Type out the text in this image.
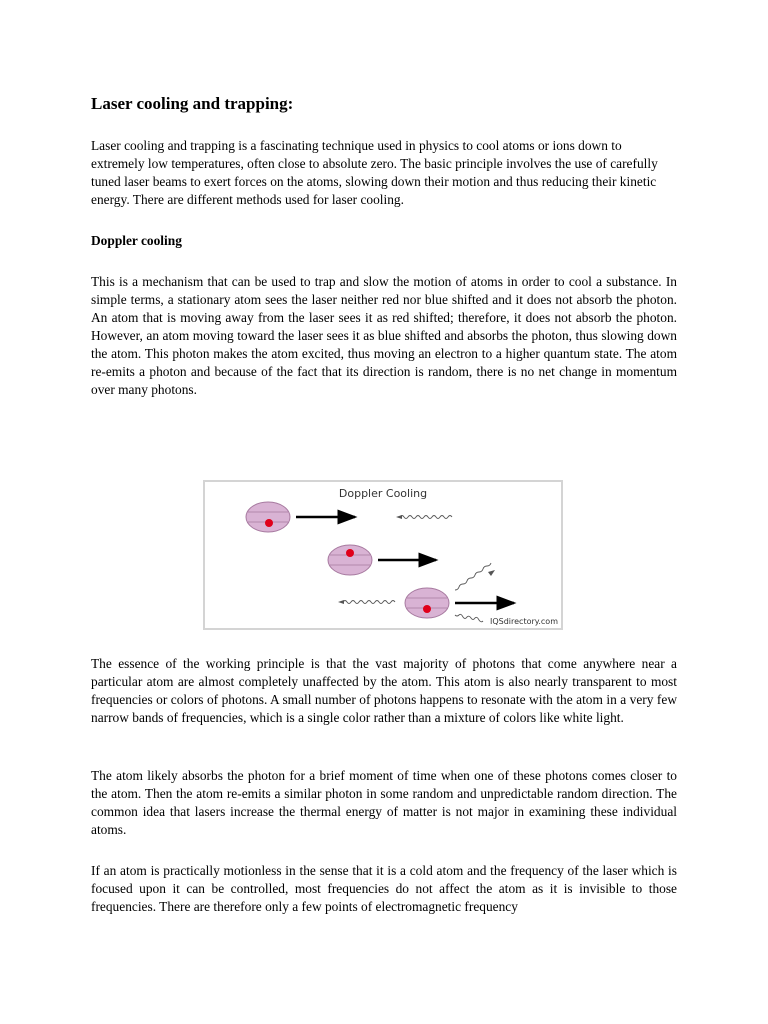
Laser cooling and trapping:

Laser cooling and trapping is a fascinating technique used in physics to cool atoms or ions down to extremely low temperatures, often close to absolute zero. The basic principle involves the use of carefully tuned laser beams to exert forces on the atoms, slowing down their motion and thus reducing their kinetic energy. There are different methods used for laser cooling.

Doppler cooling

This is a mechanism that can be used to trap and slow the motion of atoms in order to cool a substance. In simple terms, a stationary atom sees the laser neither red nor blue shifted and it does not absorb the photon. An atom that is moving away from the laser sees it as red shifted; therefore, it does not absorb the photon. However, an atom moving toward the laser sees it as blue shifted and absorbs the photon, thus slowing down the atom. This photon makes the atom excited, thus moving an electron to a higher quantum state. The atom re-emits a photon and because of the fact that its direction is random, there is no net change in momentum over many photons.

Doppler Cooling

IQSdirectory.com

The essence of the working principle is that the vast majority of photons that come anywhere near a particular atom are almost completely unaffected by the atom. This atom is also nearly transparent to most frequencies or colors of photons. A small number of photons happens to resonate with the atom in a very few narrow bands of frequencies, which is a single color rather than a mixture of colors like white light.

The atom likely absorbs the photon for a brief moment of time when one of these photons comes closer to the atom. Then the atom re-emits a similar photon in some random and unpredictable random direction. The common idea that lasers increase the thermal energy of matter is not major in examining these individual atoms.

If an atom is practically motionless in the sense that it is a cold atom and the frequency of the laser which is focused upon it can be controlled, most frequencies do not affect the atom as it is invisible to those frequencies. There are therefore only a few points of electromagnetic frequency
